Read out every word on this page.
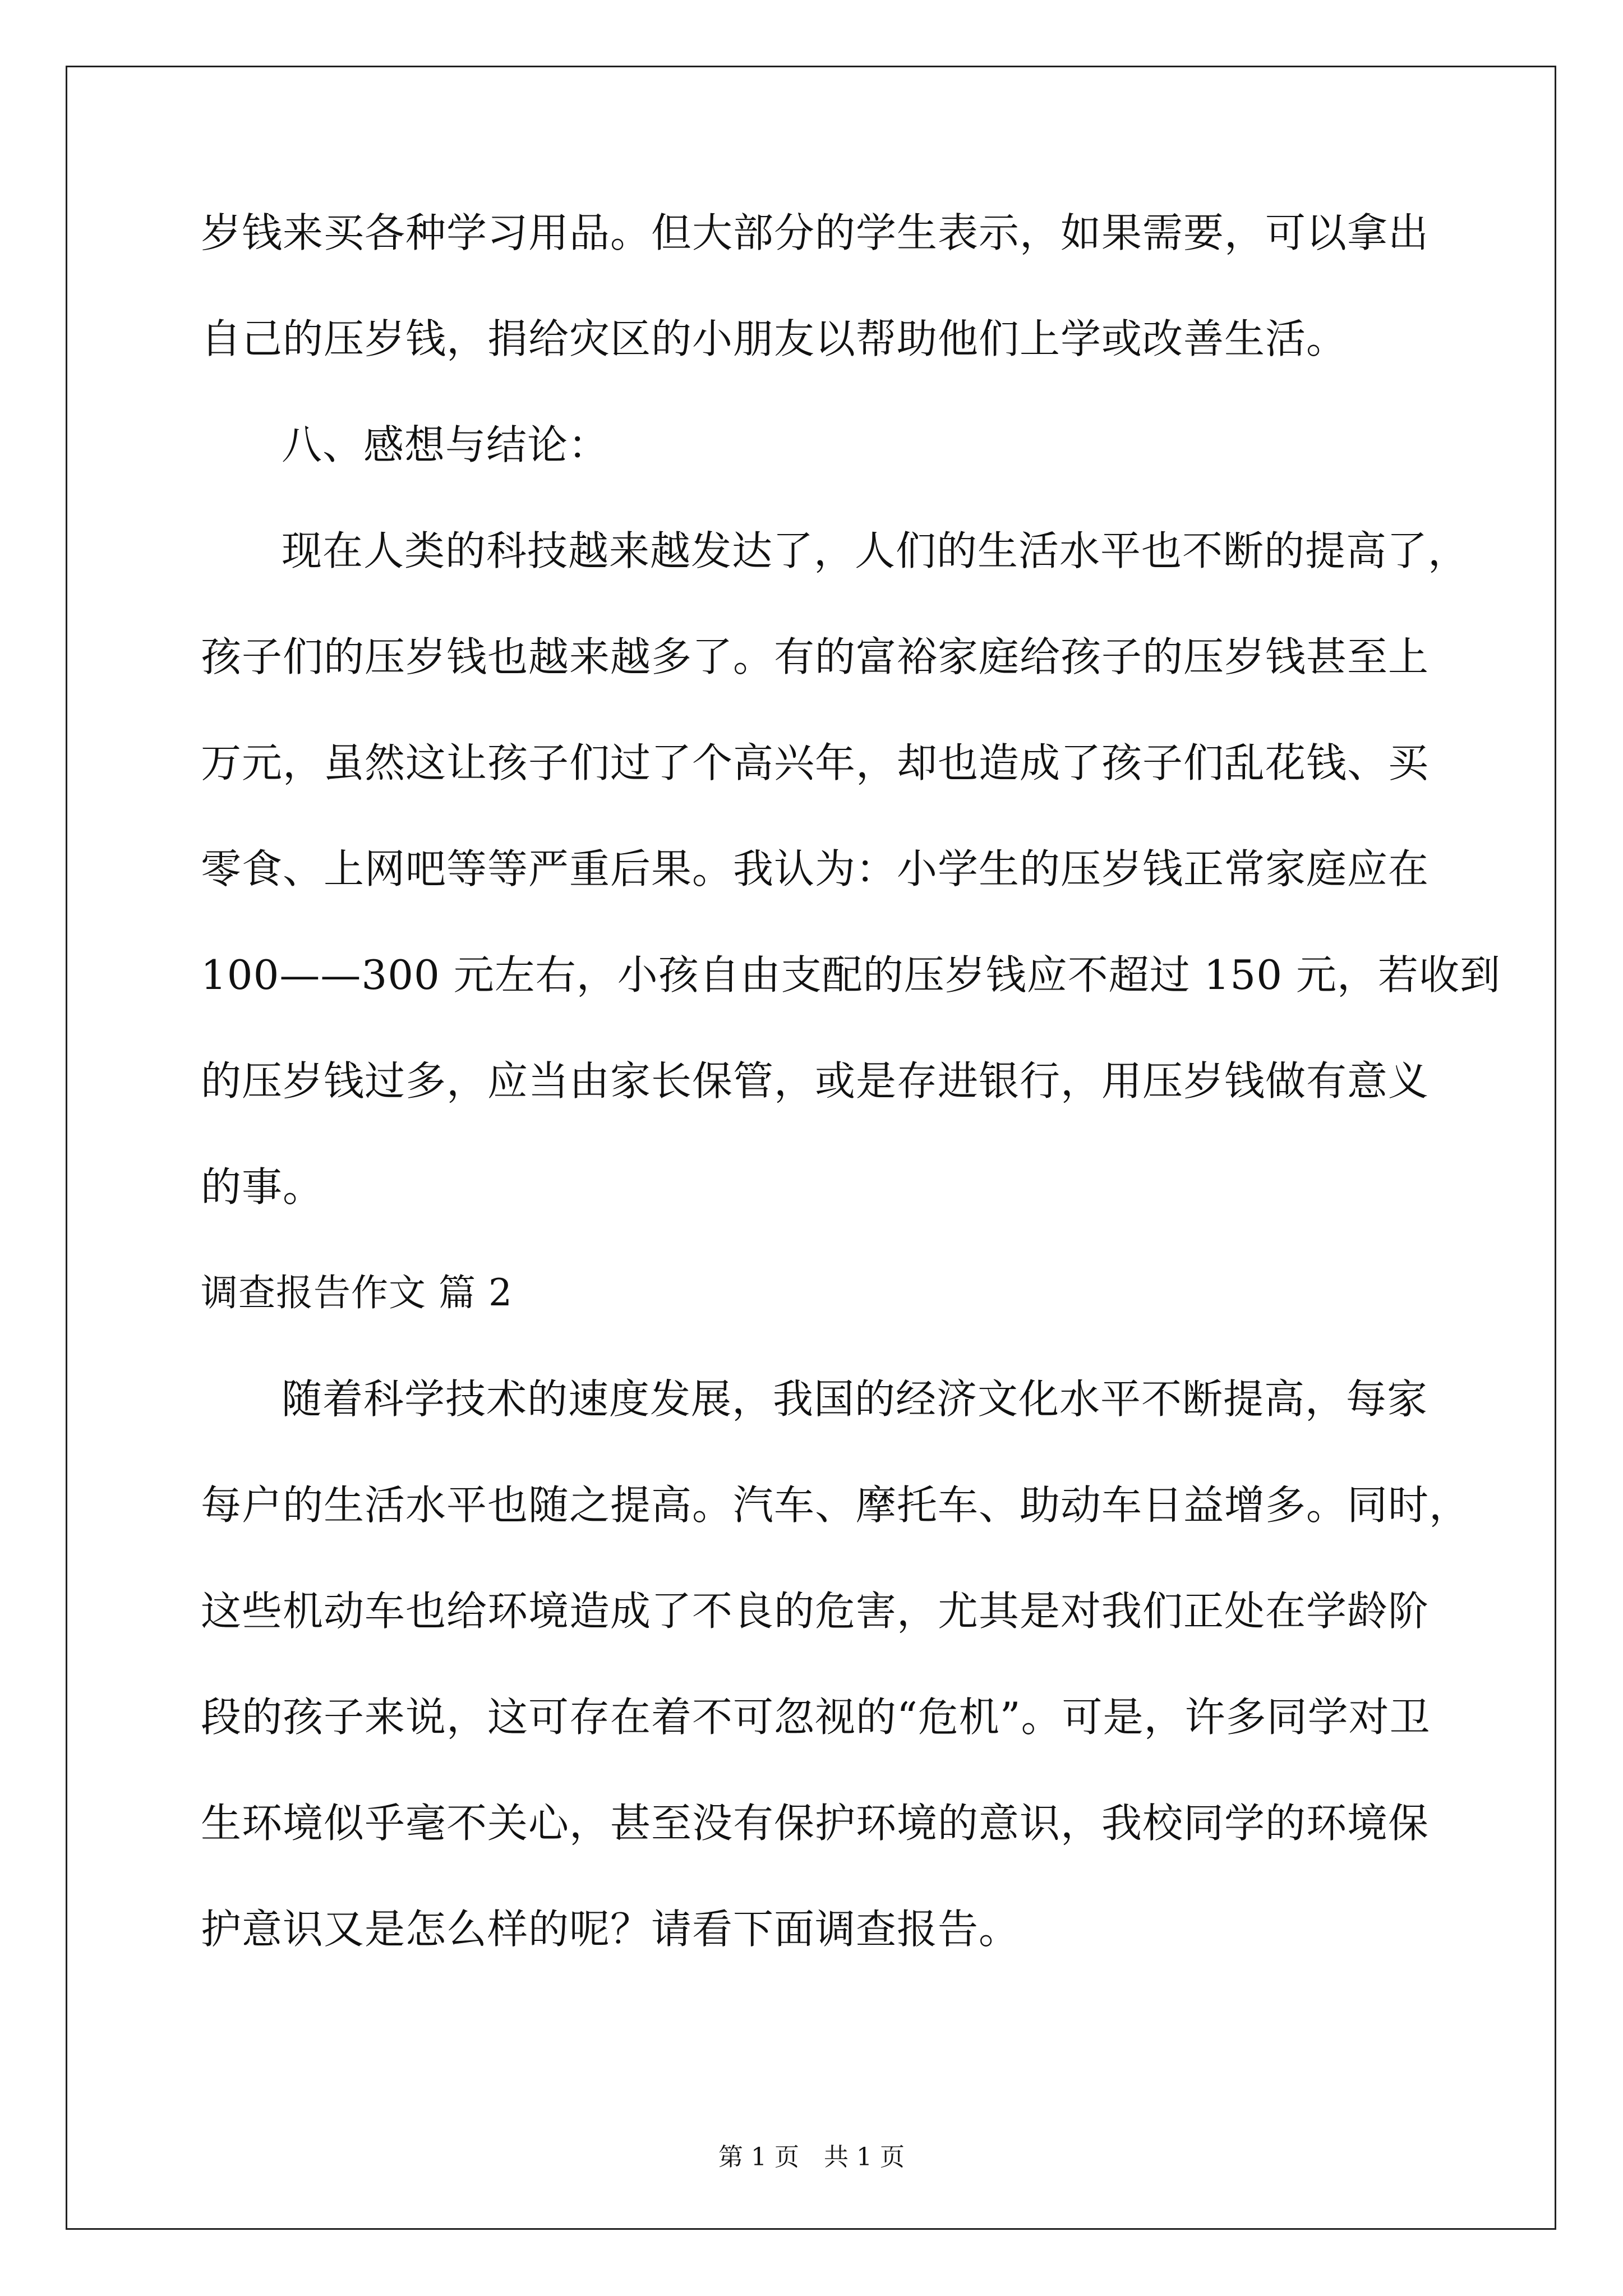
岁钱来买各种学习用品。但大部分的学生表示，如果需要，可以拿出
自己的压岁钱，捐给灾区的小朋友以帮助他们上学或改善生活。
八、感想与结论：
现在人类的科技越来越发达了，人们的生活水平也不断的提高了，
孩子们的压岁钱也越来越多了。有的富裕家庭给孩子的压岁钱甚至上
万元，虽然这让孩子们过了个高兴年，却也造成了孩子们乱花钱、买
零食、上网吧等等严重后果。我认为：小学生的压岁钱正常家庭应在
100——300 元左右，小孩自由支配的压岁钱应不超过 150 元，若收到
的压岁钱过多，应当由家长保管，或是存进银行，用压岁钱做有意义
的事。
调查报告作文 篇 2
随着科学技术的速度发展，我国的经济文化水平不断提高，每家
每户的生活水平也随之提高。汽车、摩托车、助动车日益增多。同时，
这些机动车也给环境造成了不良的危害，尤其是对我们正处在学龄阶
段的孩子来说，这可存在着不可忽视的“危机”。可是，许多同学对卫
生环境似乎毫不关心，甚至没有保护环境的意识，我校同学的环境保
护意识又是怎么样的呢？请看下面调查报告。
第 1 页　共 1 页
